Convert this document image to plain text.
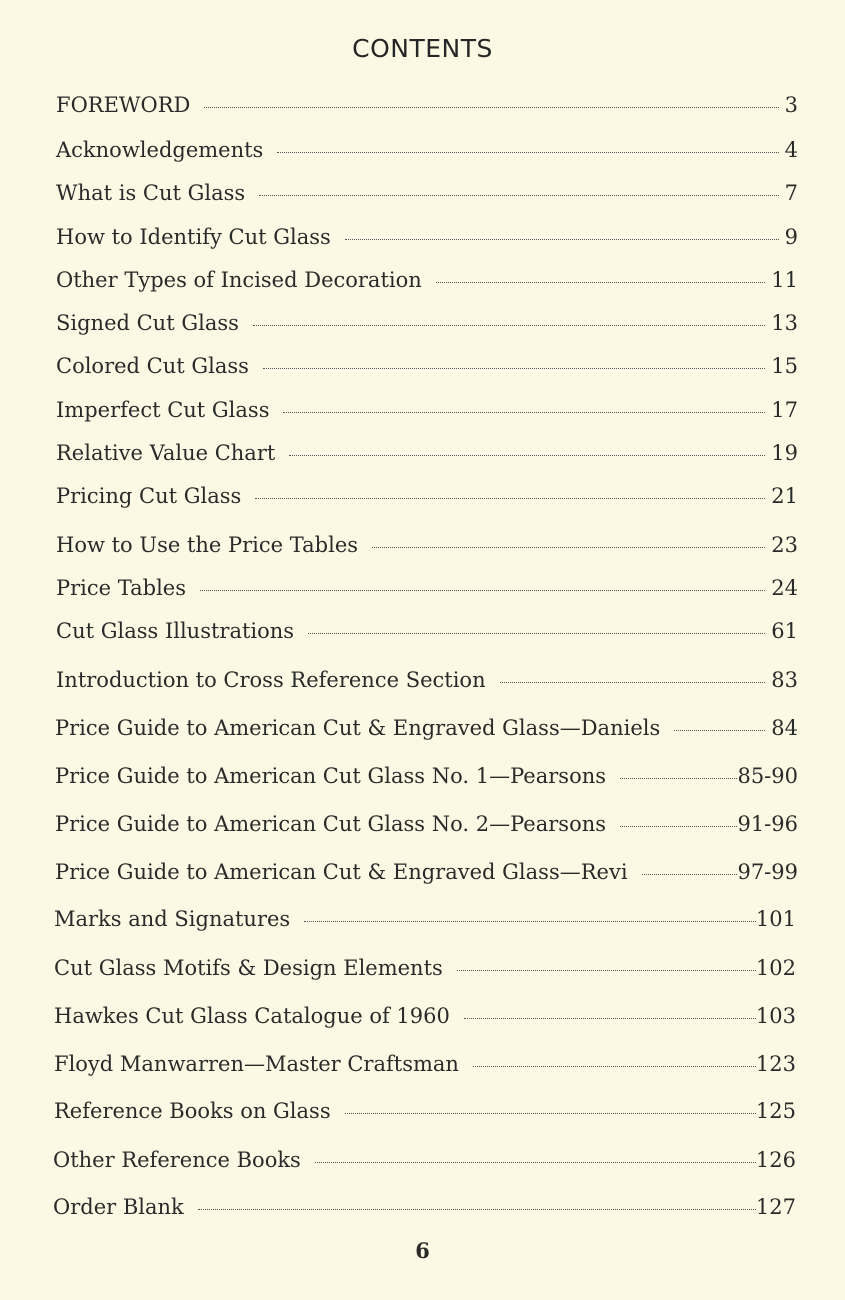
CONTENTS
FOREWORD	3
Acknowledgements	4
What is Cut Glass	7
How to Identify Cut Glass	9
Other Types of Incised Decoration	11
Signed Cut Glass	13
Colored Cut Glass	15
Imperfect Cut Glass	17
Relative Value Chart	19
Pricing Cut Glass	21
How to Use the Price Tables	23
Price Tables	24
Cut Glass Illustrations	61
Introduction to Cross Reference Section	83
Price Guide to American Cut & Engraved Glass—Daniels	84
Price Guide to American Cut Glass No. 1—Pearsons	85-90
Price Guide to American Cut Glass No. 2—Pearsons	91-96
Price Guide to American Cut & Engraved Glass—Revi	97-99
Marks and Signatures	101
Cut Glass Motifs & Design Elements	102
Hawkes Cut Glass Catalogue of 1960	103
Floyd Manwarren—Master Craftsman	123
Reference Books on Glass	125
Other Reference Books	126
Order Blank	127
6
